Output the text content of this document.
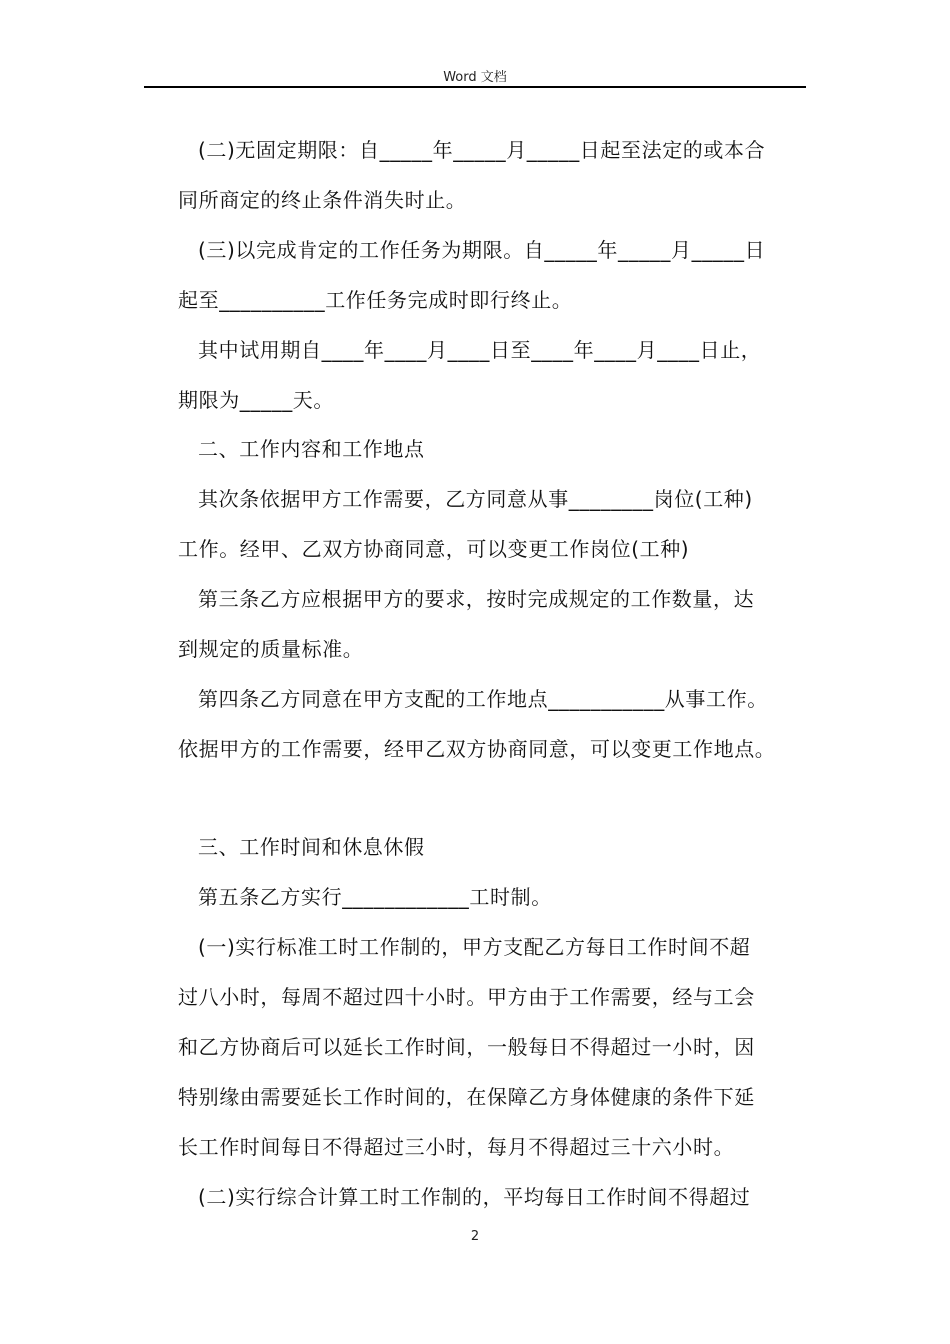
Word 文档
(二)无固定期限：自_____年_____月_____日起至法定的或本合
同所商定的终止条件消失时止。
(三)以完成肯定的工作任务为期限。自_____年_____月_____日
起至__________工作任务完成时即行终止。
其中试用期自____年____月____日至____年____月____日止，
期限为_____天。
二、工作内容和工作地点
其次条依据甲方工作需要，乙方同意从事________岗位(工种)
工作。经甲、乙双方协商同意，可以变更工作岗位(工种)
第三条乙方应根据甲方的要求，按时完成规定的工作数量，达
到规定的质量标准。
第四条乙方同意在甲方支配的工作地点___________从事工作。
依据甲方的工作需要，经甲乙双方协商同意，可以变更工作地点。
三、工作时间和休息休假
第五条乙方实行____________工时制。
(一)实行标准工时工作制的，甲方支配乙方每日工作时间不超
过八小时，每周不超过四十小时。甲方由于工作需要，经与工会
和乙方协商后可以延长工作时间，一般每日不得超过一小时，因
特别缘由需要延长工作时间的，在保障乙方身体健康的条件下延
长工作时间每日不得超过三小时，每月不得超过三十六小时。
(二)实行综合计算工时工作制的，平均每日工作时间不得超过
2
